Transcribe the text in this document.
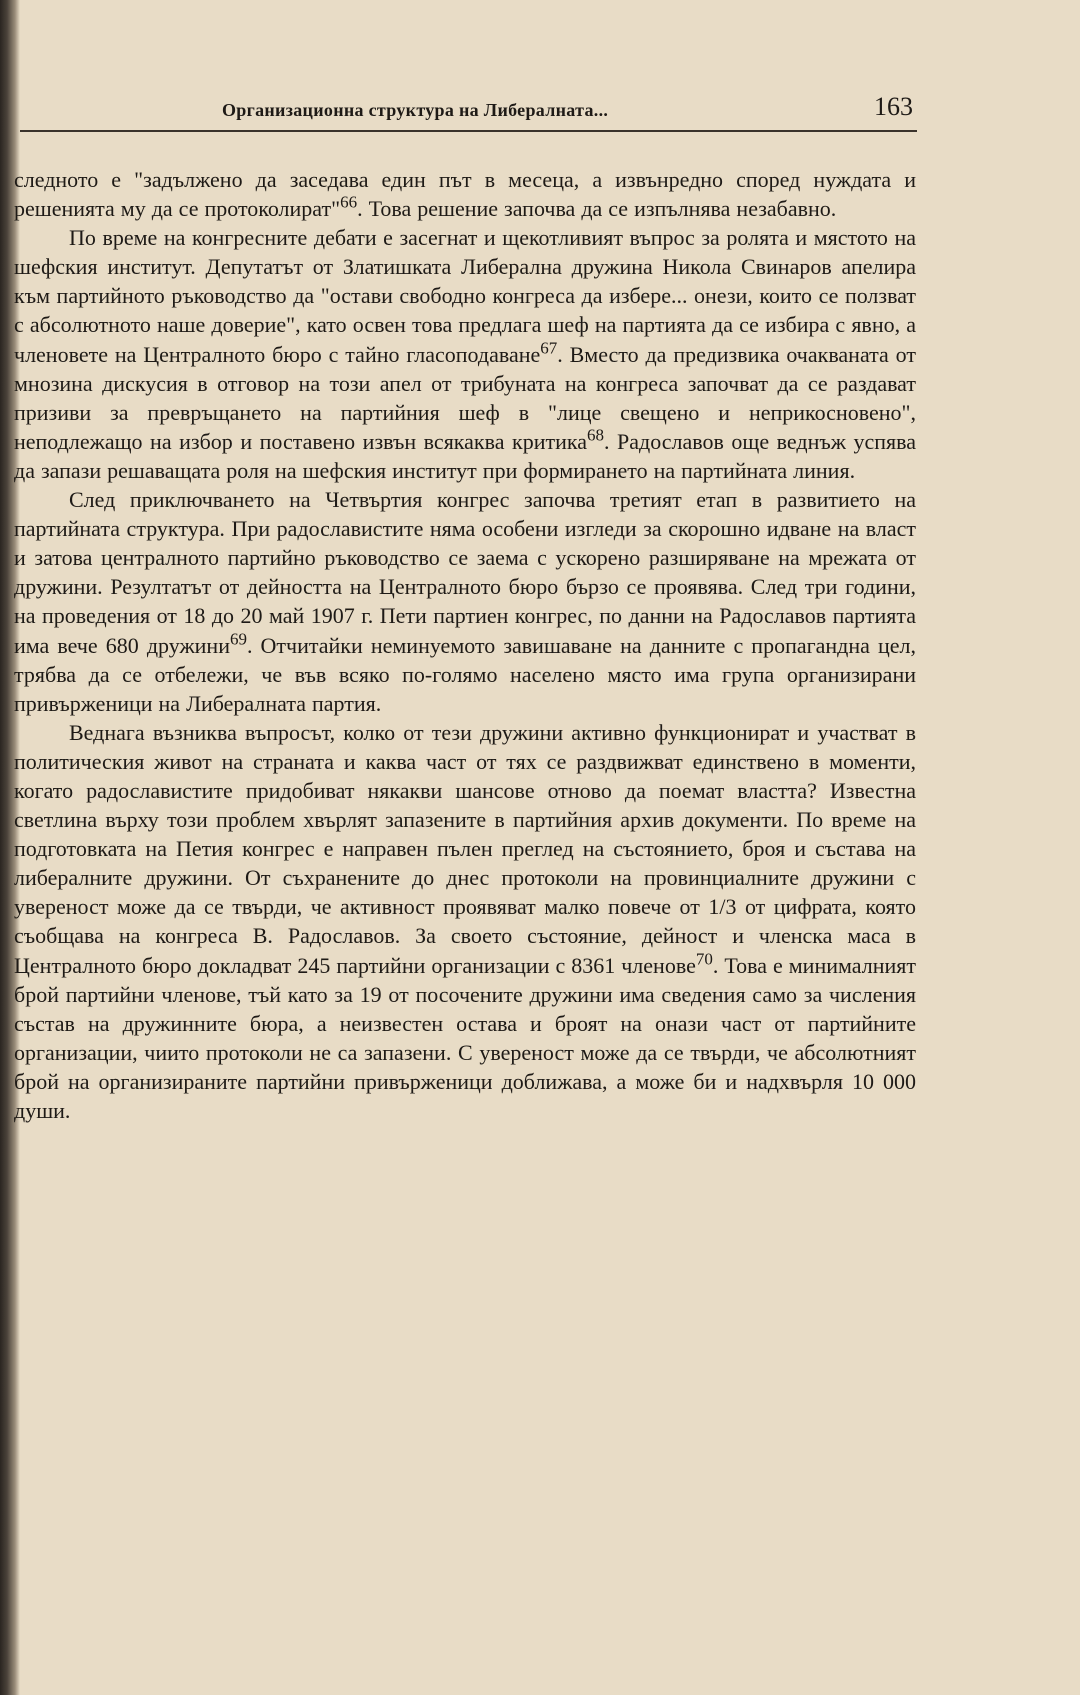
Организационна структура на Либералната...	163

следното е "задължено да заседава един път в месеца, а извънредно според нуждата и решенията му да се протоколират"$^{66}$. Това решение започва да се изпълнява незабавно.

По време на конгресните дебати е засегнат и щекотливият въпрос за ролята и мястото на шефския институт. Депутатът от Златишката Либерална дружина Никола Свинаров апелира към партийното ръководство да "остави свободно конгреса да избере... онези, които се ползват с абсолютното наше доверие", като освен това предлага шеф на партията да се избира с явно, а членовете на Централното бюро с тайно гласоподаване$^{67}$. Вместо да предизвика очакваната от мнозина дискусия в отговор на този апел от трибуната на конгреса започват да се раздават призиви за превръщането на партийния шеф в "лице свещено и неприкосновено", неподлежащо на избор и поставено извън всякаква критика$^{68}$. Радославов още веднъж успява да запази решаващата роля на шефския институт при формирането на партийната линия.

След приключването на Четвъртия конгрес започва третият етап в развитието на партийната структура. При радославистите няма особени изгледи за скорошно идване на власт и затова централното партийно ръководство се заема с ускорено разширяване на мрежата от дружини. Резултатът от дейността на Централното бюро бързо се проявява. След три години, на проведения от 18 до 20 май 1907 г. Пети партиен конгрес, по данни на Радославов партията има вече 680 дружини$^{69}$. Отчитайки неминуемото завишаване на данните с пропагандна цел, трябва да се отбележи, че във всяко по-голямо населено място има група организирани привърженици на Либералната партия.

Веднага възниква въпросът, колко от тези дружини активно функционират и участват в политическия живот на страната и каква част от тях се раздвижват единствено в моменти, когато радославистите придобиват някакви шансове отново да поемат властта? Известна светлина върху този проблем хвърлят запазените в партийния архив документи. По време на подготовката на Петия конгрес е направен пълен преглед на състоянието, броя и състава на либералните дружини. От съхранените до днес протоколи на провинциалните дружини с увереност може да се твърди, че активност проявяват малко повече от 1/3 от цифрата, която съобщава на конгреса В. Радославов. За своето състояние, дейност и членска маса в Централното бюро докладват 245 партийни организации с 8361 членове$^{70}$. Това е минималният брой партийни членове, тъй като за 19 от посочените дружини има сведения само за числения състав на дружинните бюра, а неизвестен остава и броят на онази част от партийните организации, чиито протоколи не са запазени. С увереност може да се твърди, че абсолютният брой на организираните партийни привърженици доближава, а може би и надхвърля 10 000 души.
